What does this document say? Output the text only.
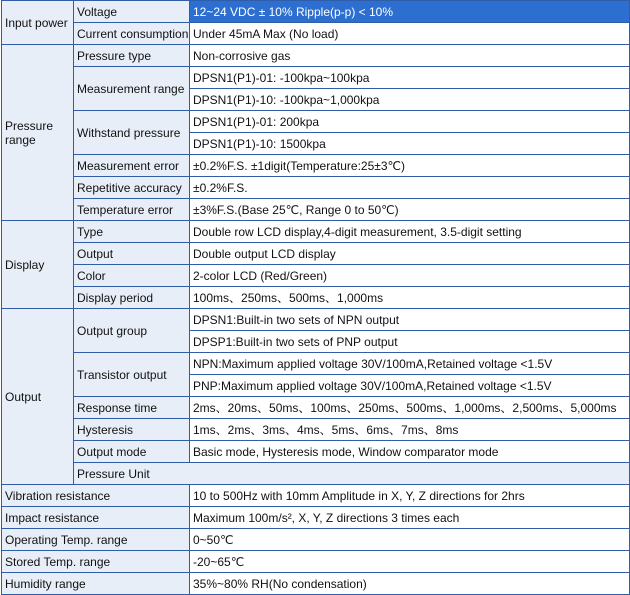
Input power	Voltage	12~24 VDC ± 10% Ripple(p-p) < 10%	
	Current consumption	Under 45mA Max (No load)	
Pressure range	Pressure type	Non-corrosive gas	
	Measurement range	DPSN1(P1)-01: -100kpa~100kpa	
		DPSN1(P1)-10: -100kpa~1,000kpa	
	Withstand pressure	DPSN1(P1)-01: 200kpa	
		DPSN1(P1)-10: 1500kpa	
	Measurement error	±0.2%F.S. ±1digit(Temperature:25±3℃)	
	Repetitive accuracy	±0.2%F.S.	
	Temperature error	±3%F.S.(Base 25℃, Range 0 to 50℃)	
Display	Type	Double row LCD display,4-digit measurement, 3.5-digit setting	
	Output	Double output LCD display	
	Color	2-color LCD (Red/Green)	
	Display period	100ms、250ms、500ms、1,000ms	
Output	Output group	DPSN1:Built-in two sets of NPN output	
		DPSP1:Built-in two sets of PNP output	
	Transistor output	NPN:Maximum applied voltage 30V/100mA,Retained voltage <1.5V	
		PNP:Maximum applied voltage 30V/100mA,Retained voltage <1.5V	
	Response time	2ms、20ms、50ms、100ms、250ms、500ms、1,000ms、2,500ms、5,000ms	
	Hysteresis	1ms、2ms、3ms、4ms、5ms、6ms、7ms、8ms	
	Output mode	Basic mode, Hysteresis mode, Window comparator mode	
	Pressure Unit	
Vibration resistance		10 to 500Hz with 10mm Amplitude in X, Y, Z directions for 2hrs	
Impact resistance		Maximum 100m/s², X, Y, Z directions 3 times each	
Operating Temp. range		0~50℃	
Stored Temp. range		-20~65℃	
Humidity range		35%~80% RH(No condensation)	
